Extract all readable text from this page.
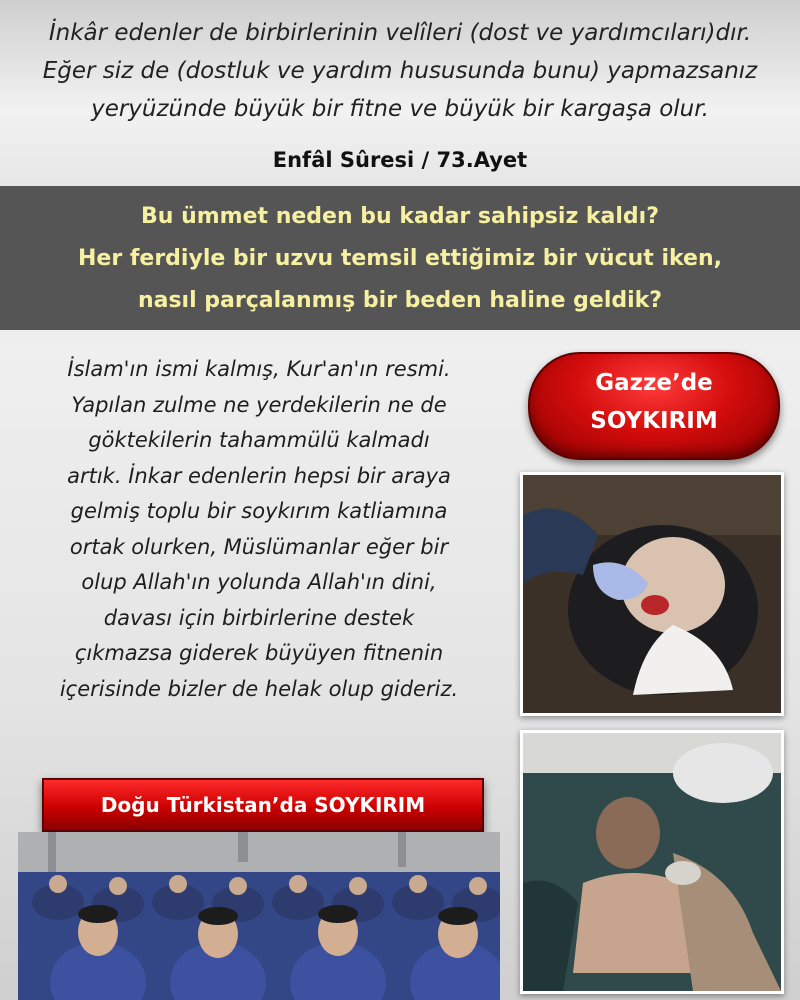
İnkâr edenler de birbirlerinin velîleri (dost ve yardımcıları)dır.
Eğer siz de (dostluk ve yardım hususunda bunu) yapmazsanız
yeryüzünde büyük bir fitne ve büyük bir kargaşa olur.
Enfâl Sûresi / 73.Ayet
Bu ümmet neden bu kadar sahipsiz kaldı?
Her ferdiyle bir uzvu temsil ettiğimiz bir vücut iken,
nasıl parçalanmış bir beden haline geldik?
İslam'ın ismi kalmış, Kur'an'ın resmi.
Yapılan zulme ne yerdekilerin ne de
göktekilerin tahammülü kalmadı
artık. İnkar edenlerin hepsi bir araya
gelmiş toplu bir soykırım katliamına
ortak olurken, Müslümanlar eğer bir
olup Allah'ın yolunda Allah'ın dini,
davası için birbirlerine destek
çıkmazsa giderek büyüyen fitnenin
içerisinde bizler de helak olup gideriz.
Gazze’de
SOYKIRIM
Doğu Türkistan’da SOYKIRIM
